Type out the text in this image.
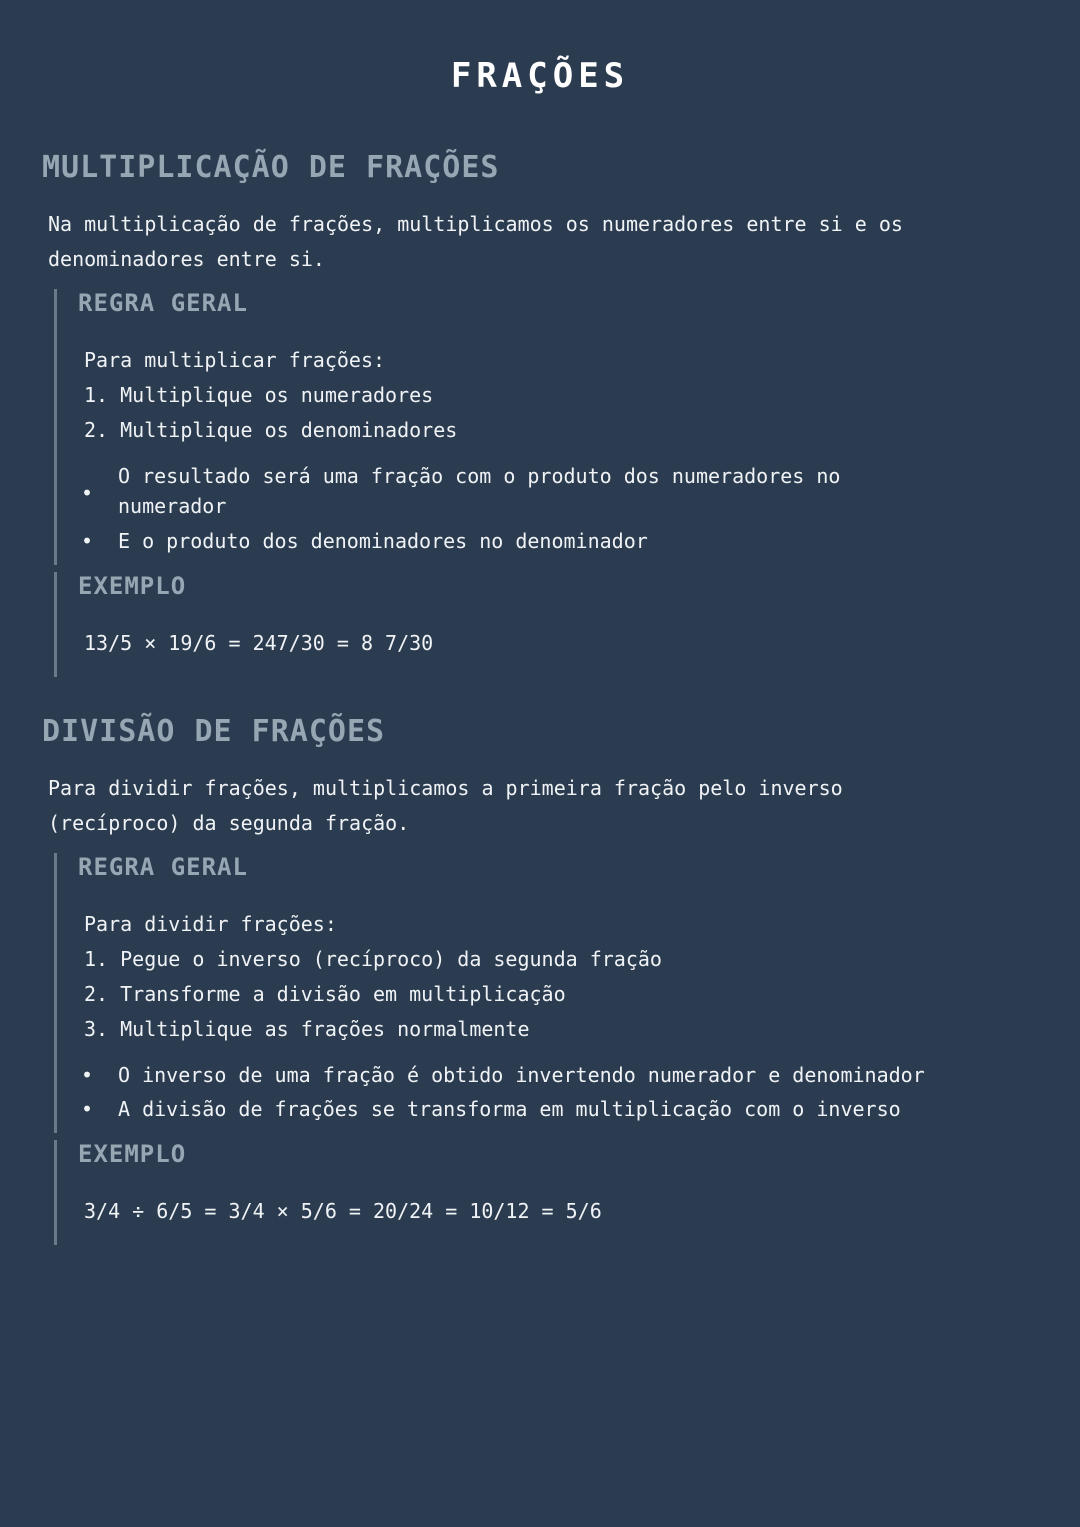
FRAÇÕES
MULTIPLICAÇÃO DE FRAÇÕES

Na multiplicação de frações, multiplicamos os numeradores entre si e os denominadores entre si.

REGRA GERAL

Para multiplicar frações:

1. Multiplique os numeradores

2. Multiplique os denominadores

•

O resultado será uma fração com o produto dos numeradores no numerador

• E o produto dos denominadores no denominador

EXEMPLO

13/5 × 19/6 = 247/30 = 8 7/30

DIVISÃO DE FRAÇÕES

Para dividir frações, multiplicamos a primeira fração pelo inverso (recíproco) da segunda fração.

REGRA GERAL

Para dividir frações:

1. Pegue o inverso (recíproco) da segunda fração

2. Transforme a divisão em multiplicação

3. Multiplique as frações normalmente

• O inverso de uma fração é obtido invertendo numerador e denominador

• A divisão de frações se transforma em multiplicação com o inverso

EXEMPLO

3/4 ÷ 6/5 = 3/4 × 5/6 = 20/24 = 10/12 = 5/6
